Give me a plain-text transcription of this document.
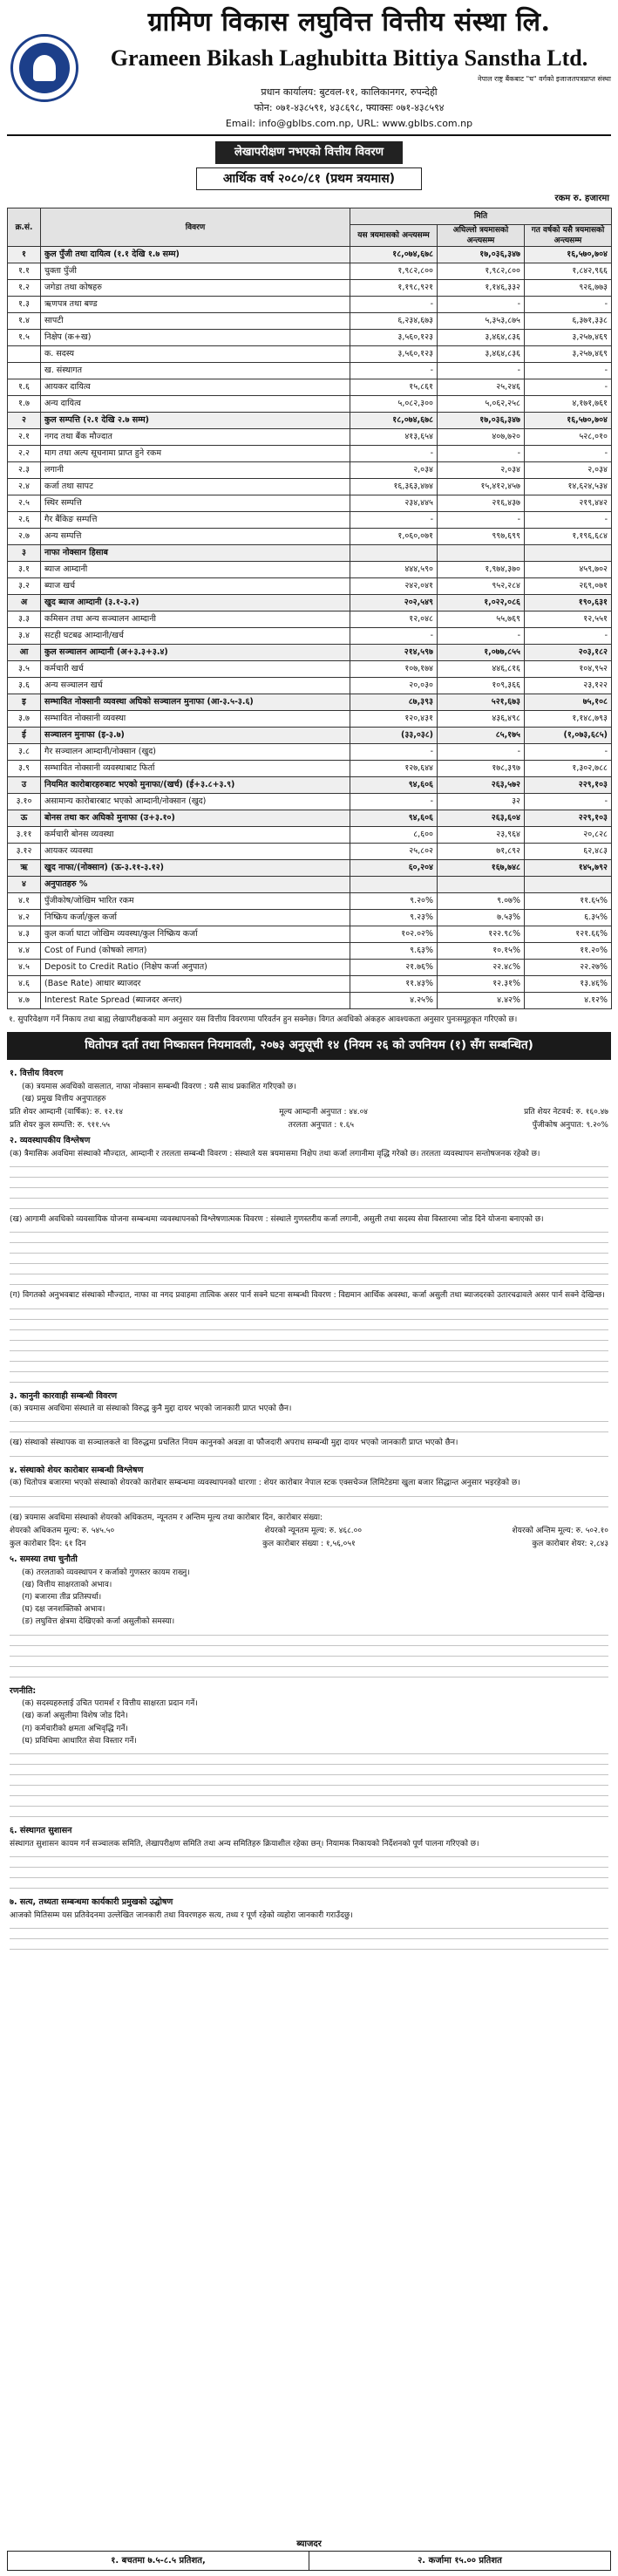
ग्रामिण विकास लघुवित्त वित्तीय संस्था लि.
Grameen Bikash Laghubitta Bittiya Sanstha Ltd.
नेपाल राष्ट्र बैंकबाट "घ" वर्गको इजाजतपत्रप्राप्त संस्था
प्रधान कार्यालय: बुटवल-११, कालिकानगर, रुपन्देही
फोन: ०७१-४३८५९१, ४३८६९८, फ्याक्सः ०७१-४३८५९४
Email: info@gblbs.com.np, URL: www.gblbs.com.np
लेखापरीक्षण नभएको वित्तीय विवरण
आर्थिक वर्ष २०८०/८१ (प्रथम त्रयमास)
रकम रु. हजारमा
क्र.सं.	विवरण	मिति		
		यस त्रयमासको अन्त्यसम्म	अघिल्लो त्रयमासको अन्त्यसम्म	गत वर्षको यसै त्रयमासको अन्त्यसम्म
१	कुल पुँजी तथा दायित्व (१.१ देखि १.७ सम्म)	१८,०७४,६७८	१७,०३६,३४७	१६,५७०,७०४
१.१	चुक्ता पुँजी	१,९८२,८००	१,९८२,८००	१,८४२,९६६
१.२	जगेडा तथा कोषहरु	१,१९८,९२१	१,१४६,३३२	९२६,७७३
१.३	ऋणपत्र तथा बण्ड	-	-	-
१.४	सापटी	६,२३४,६७३	५,३५३,८७५	६,३७१,३३८
१.५	निक्षेप (क+ख)	३,५६०,१२३	३,४६४,८३६	३,२५७,४६९
	क. सदस्य	३,५६०,१२३	३,४६४,८३६	३,२५७,४६९
	ख. संस्थागत	-	-	-
१.६	आयकर दायित्व	१५,८६१	२५,२४६	-
१.७	अन्य दायित्व	५,०८२,३००	५,०६२,२५८	४,१७१,७६१
२	कुल सम्पत्ति (२.१ देखि २.७ सम्म)	१८,०७४,६७८	१७,०३६,३४७	१६,५७०,७०४
२.१	नगद तथा बैंक मौज्दात	४१३,६५४	४०७,७२०	५२८,०१०
२.२	माग तथा अल्प सूचनामा प्राप्त हुने रकम	-	-	-
२.३	लगानी	२,०३४	२,०३४	२,०३४
२.४	कर्जा तथा सापट	१६,३६३,४७४	१५,४१२,४५७	१४,६२४,५३४
२.५	स्थिर सम्पत्ति	२३४,४४५	२१६,४३७	२१९,४४२
२.६	गैर बैंकिङ सम्पत्ति	-	-	-
२.७	अन्य सम्पत्ति	१,०६०,०७१	९९७,६९९	१,१९६,६८४
३	नाफा नोक्सान हिसाब			
३.१	ब्याज आम्दानी	४४४,५९०	१,९७४,३७०	४५९,७०२
३.२	ब्याज खर्च	२४२,०४१	९५२,२८४	२६९,०७१
अ	खुद ब्याज आम्दानी (३.१-३.२)	२०२,५४९	१,०२२,०८६	१९०,६३१
३.३	कमिसन तथा अन्य सञ्चालन आम्दानी	१२,०४८	५५,७६९	१२,५५१
३.४	सटही घटबढ आम्दानी/खर्च	-	-	-
आ	कुल सञ्चालन आम्दानी (अ+३.३+३.४)	२१४,५९७	१,०७७,८५५	२०३,१८२
३.५	कर्मचारी खर्च	१०७,१७४	४४६,८१६	१०४,९५२
३.६	अन्य सञ्चालन खर्च	२०,०३०	१०९,३६६	२३,१२२
इ	सम्भावित नोक्सानी व्यवस्था अघिको सञ्चालन मुनाफा (आ-३.५-३.६)	८७,३९३	५२१,६७३	७५,१०८
३.७	सम्भावित नोक्सानी व्यवस्था	१२०,४३१	४३६,४९८	१,१४८,७९३
ई	सञ्चालन मुनाफा (इ-३.७)	(३३,०३८)	८५,१७५	(१,०७३,६८५)
३.८	गैर सञ्चालन आम्दानी/नोक्सान (खुद)	-	-	-
३.९	सम्भावित नोक्सानी व्यवस्थाबाट फिर्ता	१२७,६४४	१७८,३९७	१,३०२,७८८
उ	नियमित कारोबारहरुबाट भएको मुनाफा/(खर्च) (ई+३.८+३.९)	९४,६०६	२६३,५७२	२२९,१०३
३.१०	असामान्य कारोबारबाट भएको आम्दानी/नोक्सान (खुद)	-	३२	-
ऊ	बोनस तथा कर अघिको मुनाफा (उ+३.१०)	९४,६०६	२६३,६०४	२२९,१०३
३.११	कर्मचारी बोनस व्यवस्था	८,६००	२३,९६४	२०,८२८
३.१२	आयकर व्यवस्था	२५,८०२	७१,८९२	६२,४८३
ऋ	खुद नाफा/(नोक्सान) (ऊ-३.११-३.१२)	६०,२०४	१६७,७४८	१४५,७९२
४	अनुपातहरु %			
४.१	पुँजीकोष/जोखिम भारित रकम	९.२०%	९.०७%	११.६५%
४.२	निष्क्रिय कर्जा/कुल कर्जा	९.२३%	७.५३%	६.३५%
४.३	कुल कर्जा घाटा जोखिम व्यवस्था/कुल निष्क्रिय कर्जा	१०२.०२%	१२२.९८%	१२१.६६%
४.४	Cost of Fund (कोषको लागत)	९.६३%	१०.१५%	११.२०%
४.५	Deposit to Credit Ratio (निक्षेप कर्जा अनुपात)	२१.७६%	२२.४८%	२२.२७%
४.६	(Base Rate) आधार ब्याजदर	११.४३%	१२.३१%	१३.४६%
४.७	Interest Rate Spread (ब्याजदर अन्तर)	४.२५%	४.४२%	४.१२%
१. सुपरिवेक्षण गर्ने निकाय तथा बाह्य लेखापरीक्षकको माग अनुसार यस वित्तीय विवरणमा परिवर्तन हुन सक्नेछ। विगत अवधिको अंकहरु आवश्यकता अनुसार पुनःसमूहकृत गरिएको छ।
धितोपत्र दर्ता तथा निष्कासन नियमावली, २०७३ अनुसूची १४ (नियम २६ को उपनियम (१) सँग सम्बन्धित)
१. वित्तीय विवरण
(क) त्रयमास अवधिको वासलात, नाफा नोक्सान सम्बन्धी विवरण : यसै साथ प्रकाशित गरिएको छ।
(ख) प्रमुख वित्तीय अनुपातहरु
प्रति शेयर आम्दानी (वार्षिक): रु. १२.१४	मूल्य आम्दानी अनुपात : ४४.०४	प्रति शेयर नेटवर्थ: रु. १६०.४७
प्रति शेयर कुल सम्पत्ति: रु. ९११.५५	तरलता अनुपात : १.६५	पुँजीकोष अनुपात: ९.२०%
२. व्यवस्थापकीय विश्लेषण
(क) त्रैमासिक अवधिमा संस्थाको मौज्दात, आम्दानी र तरलता सम्बन्धी विवरण : संस्थाले यस त्रयमासमा निक्षेप तथा कर्जा लगानीमा वृद्धि गरेको छ। तरलता व्यवस्थापन सन्तोषजनक रहेको छ।
(ख) आगामी अवधिको व्यवसायिक योजना सम्बन्धमा व्यवस्थापनको विश्लेषणात्मक विवरण : संस्थाले गुणस्तरीय कर्जा लगानी, असुली तथा सदस्य सेवा विस्तारमा जोड दिने योजना बनाएको छ।
(ग) विगतको अनुभवबाट संस्थाको मौज्दात, नाफा वा नगद प्रवाहमा तात्विक असर पार्न सक्ने घटना सम्बन्धी विवरण : विद्यमान आर्थिक अवस्था, कर्जा असुली तथा ब्याजदरको उतारचढावले असर पार्न सक्ने देखिन्छ।
३. कानुनी कारवाही सम्बन्धी विवरण
(क) त्रयमास अवधिमा संस्थाले वा संस्थाको विरुद्ध कुनै मुद्दा दायर भएको जानकारी प्राप्त भएको छैन।
(ख) संस्थाको संस्थापक वा सञ्चालकले वा विरुद्धमा प्रचलित नियम कानुनको अवज्ञा वा फौजदारी अपराध सम्बन्धी मुद्दा दायर भएको जानकारी प्राप्त भएको छैन।
४. संस्थाको शेयर कारोबार सम्बन्धी विश्लेषण
(क) धितोपत्र बजारमा भएको संस्थाको शेयरको कारोबार सम्बन्धमा व्यवस्थापनको धारणा : शेयर कारोबार नेपाल स्टक एक्सचेञ्ज लिमिटेडमा खुला बजार सिद्धान्त अनुसार भइरहेको छ।
(ख) त्रयमास अवधिमा संस्थाको शेयरको अधिकतम, न्यूनतम र अन्तिम मूल्य तथा कारोबार दिन, कारोबार संख्या:
शेयरको अधिकतम मूल्य: रु. ५४५.५०	शेयरको न्यूनतम मूल्य: रु. ४६८.००	शेयरको अन्तिम मूल्य: रु. ५०२.१०
कुल कारोबार दिन: ६१ दिन	कुल कारोबार संख्या : १,५६,०५१	कुल कारोबार शेयर: २,८४३
५. समस्या तथा चुनौती
(क) तरलताको व्यवस्थापन र कर्जाको गुणस्तर कायम राख्नु।
(ख) वित्तीय साक्षरताको अभाव।
(ग) बजारमा तीव्र प्रतिस्पर्धा।
(घ) दक्ष जनशक्तिको अभाव।
(ङ) लघुवित्त क्षेत्रमा देखिएको कर्जा असुलीको समस्या।
रणनीति:
(क) सदस्यहरुलाई उचित परामर्श र वित्तीय साक्षरता प्रदान गर्ने।
(ख) कर्जा असुलीमा विशेष जोड दिने।
(ग) कर्मचारीको क्षमता अभिवृद्धि गर्ने।
(घ) प्रविधिमा आधारित सेवा विस्तार गर्ने।
६. संस्थागत सुशासन
संस्थागत सुशासन कायम गर्न सञ्चालक समिति, लेखापरीक्षण समिति तथा अन्य समितिहरु क्रियाशील रहेका छन्। नियामक निकायको निर्देशनको पूर्ण पालना गरिएको छ।
७. सत्य, तथ्यता सम्बन्धमा कार्यकारी प्रमुखको उद्घोषण
आजको मितिसम्म यस प्रतिवेदनमा उल्लेखित जानकारी तथा विवरणहरु सत्य, तथ्य र पूर्ण रहेको व्यहोरा जानकारी गराउँदछु।
ब्याजदर
१. बचतमा ७.५-८.५ प्रतिशत,	२. कर्जामा १५.०० प्रतिशत
